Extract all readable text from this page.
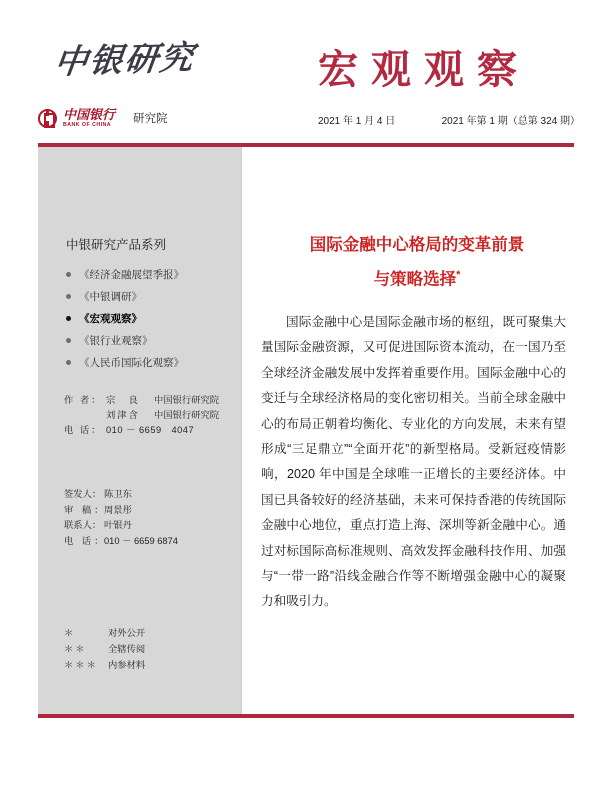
中银研究
中国银行
BANK OF CHINA	研究院
宏观观察
2021 年 1 月 4 日	2021 年第 1 期（总第 324 期）
中银研究产品系列
《经济金融展望季报》
《中银调研》
《宏观观察》
《银行业观察》
《人民币国际化观察》
作 者： 宗　良	中国银行研究院
刘津含	中国银行研究院
电 话： 010 － 6659　4047
签发人： 陈卫东
审 稿：
周景彤
联系人： 叶银丹
电 话：
010 － 6659 6874
＊	对外公开
＊＊	全辖传阅
＊＊＊	内参材料
国际金融中心格局的变革前景
与策略选择*
国际金融中心是国际金融市场的枢纽，既可聚集大量国际金融资源，又可促进国际资本流动，在一国乃至全球经济金融发展中发挥着重要作用。国际金融中心的变迁与全球经济格局的变化密切相关。当前全球金融中心的布局正朝着均衡化、专业化的方向发展，未来有望形成“三足鼎立”“全面开花”的新型格局。受新冠疫情影响，2020 年中国是全球唯一正增长的主要经济体。中国已具备较好的经济基础，未来可保持香港的传统国际金融中心地位，重点打造上海、深圳等新金融中心。通过对标国际高标准规则、高效发挥金融科技作用、加强与“一带一路”沿线金融合作等不断增强金融中心的凝聚力和吸引力。
